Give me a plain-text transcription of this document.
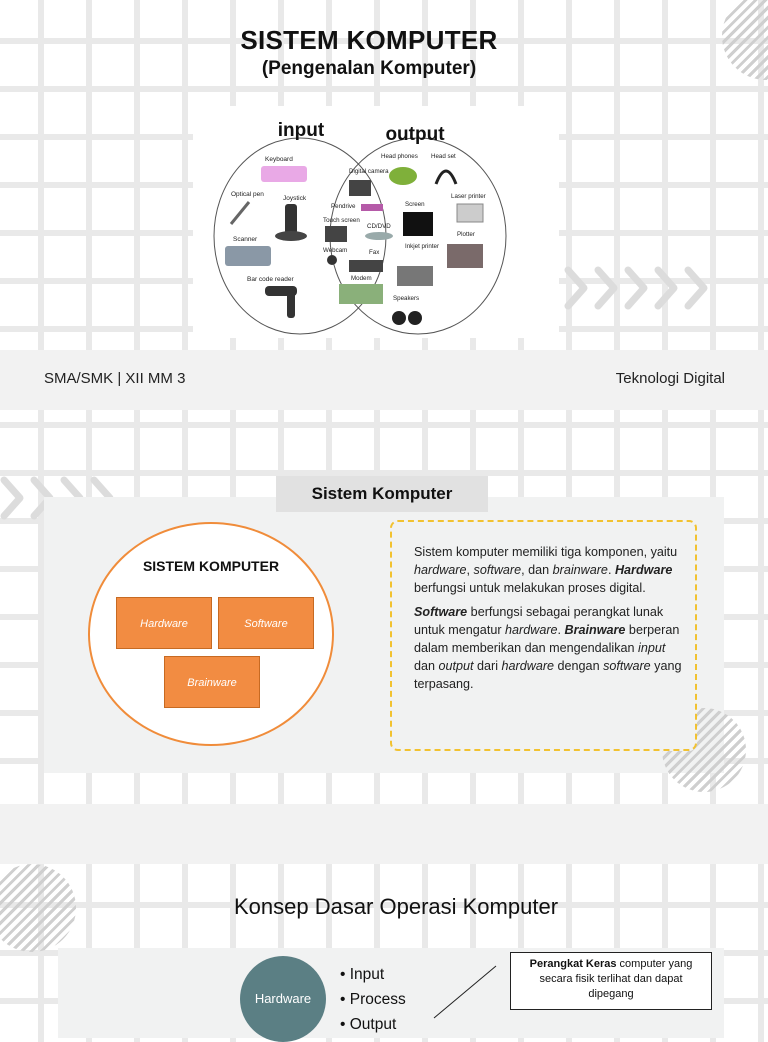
SISTEM KOMPUTER
(Pengenalan Komputer)
input	output
Keyboard
Optical pen
Joystick
Scanner
Bar code reader
Digital camera
Pendrive
Touch screen
CD/DVD
Webcam	Fax
Modem
Head phones Head set
Laser printer
Screen
Plotter
Inkjet printer
Speakers
SMA/SMK | XII MM 3	Teknologi Digital
Sistem Komputer
SISTEM KOMPUTER
Hardware	Software
Brainware

Sistem komputer memiliki tiga komponen, yaitu hardware, software, dan brainware. Hardware berfungsi untuk melakukan proses digital.

Software berfungsi sebagai perangkat lunak untuk mengatur hardware. Brainware berperan dalam memberikan dan mengendalikan input dan output dari hardware dengan software yang terpasang.

Konsep Dasar Operasi Komputer
Hardware
• Input
• Process
• Output
Perangkat Keras computer yang secara fisik terlihat dan dapat dipegang
